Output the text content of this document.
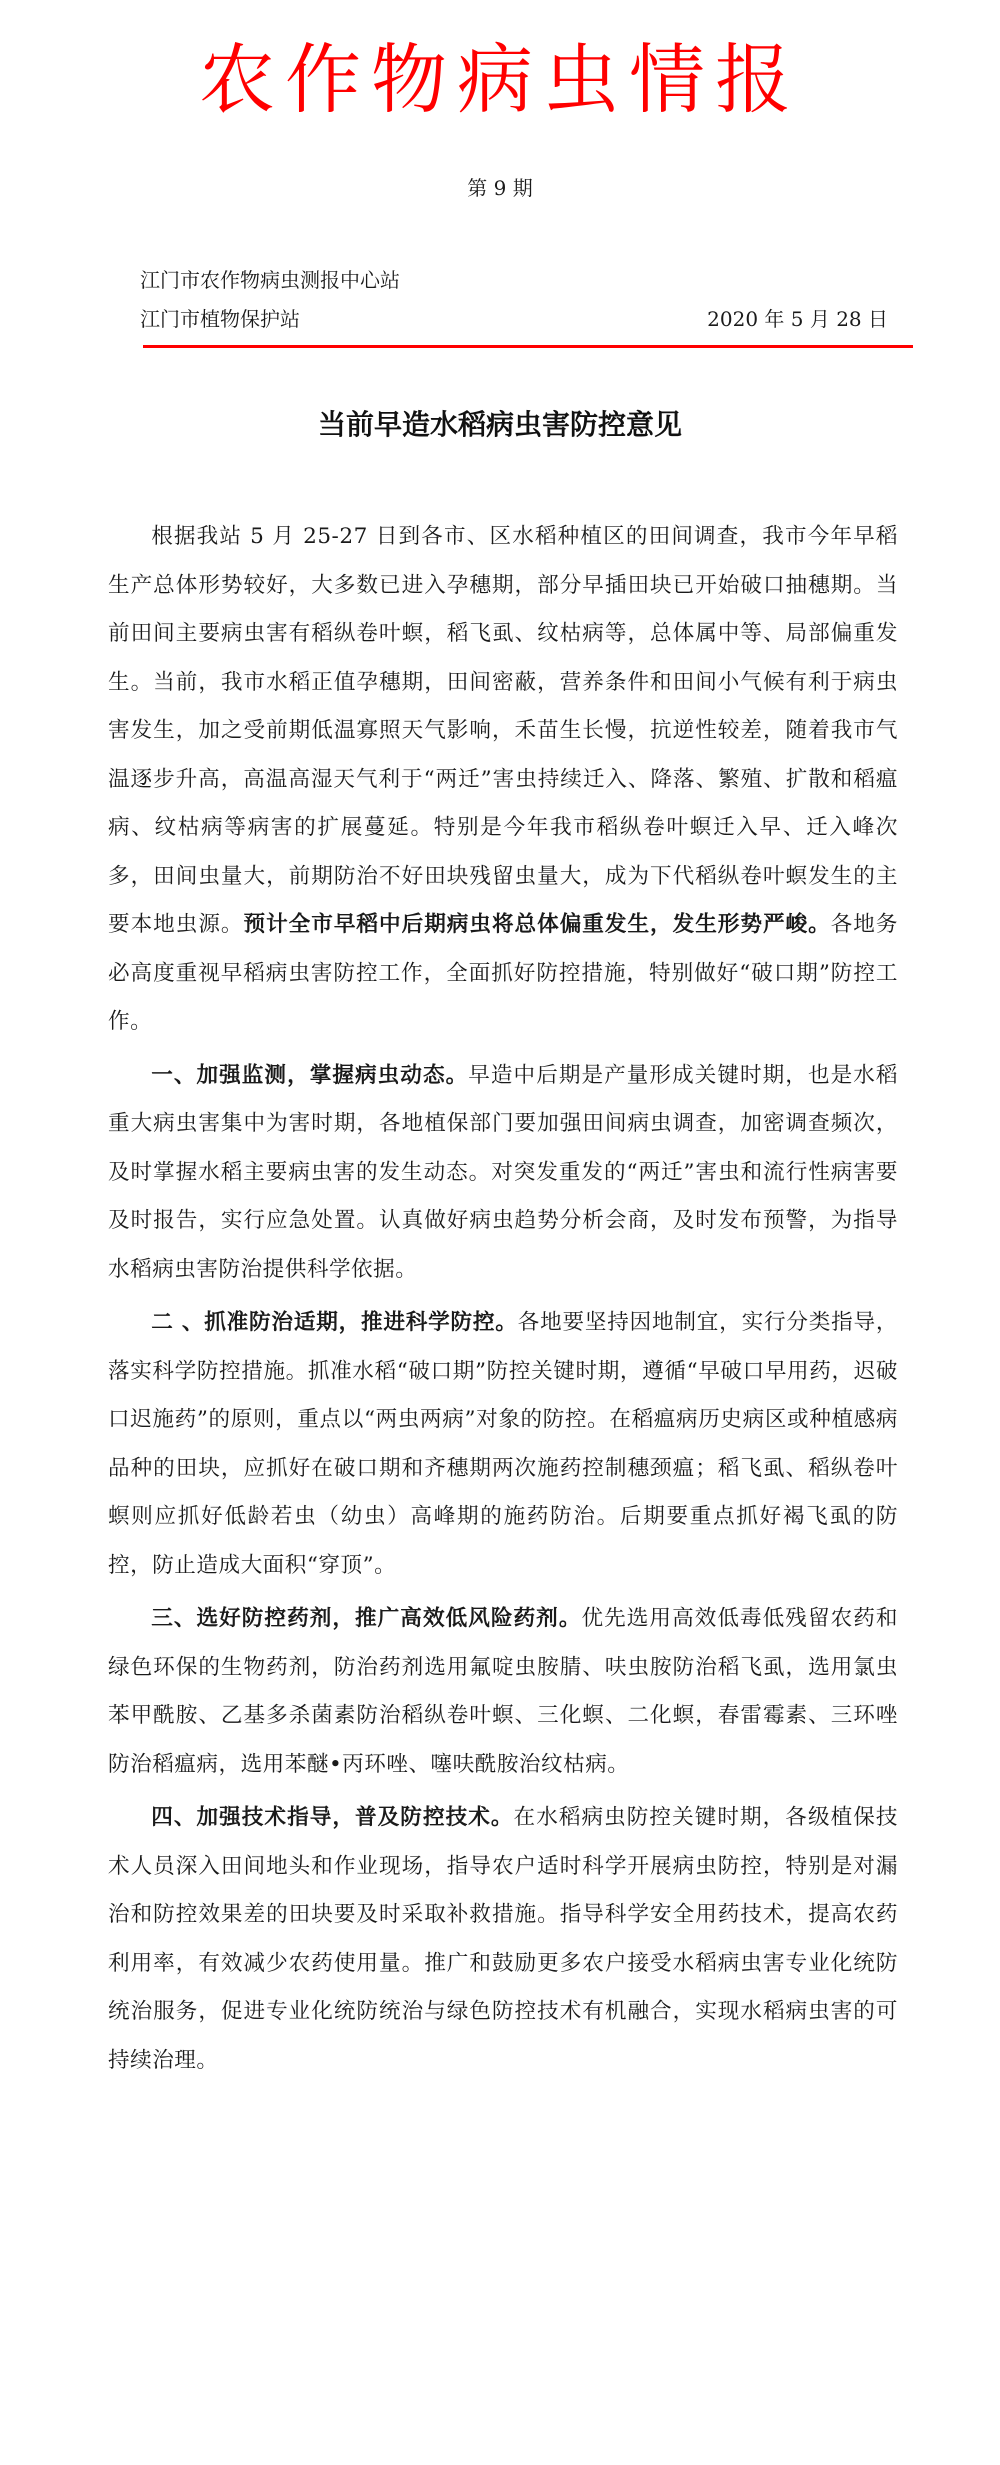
农作物病虫情报
第 9 期
江门市农作物病虫测报中心站
江门市植物保护站	2020 年 5 月 28 日
当前早造水稻病虫害防控意见

根据我站 5 月 25-27 日到各市、区水稻种植区的田间调查，我市今年早稻生产总体形势较好，大多数已进入孕穗期，部分早插田块已开始破口抽穗期。当前田间主要病虫害有稻纵卷叶螟，稻飞虱、纹枯病等，总体属中等、局部偏重发生。当前，我市水稻正值孕穗期，田间密蔽，营养条件和田间小气候有利于病虫害发生，加之受前期低温寡照天气影响，禾苗生长慢，抗逆性较差，随着我市气温逐步升高，高温高湿天气利于“两迁”害虫持续迁入、降落、繁殖、扩散和稻瘟病、纹枯病等病害的扩展蔓延。特别是今年我市稻纵卷叶螟迁入早、迁入峰次多，田间虫量大，前期防治不好田块残留虫量大，成为下代稻纵卷叶螟发生的主要本地虫源。预计全市早稻中后期病虫将总体偏重发生，发生形势严峻。各地务必高度重视早稻病虫害防控工作，全面抓好防控措施，特别做好“破口期”防控工作。

一、加强监测，掌握病虫动态。早造中后期是产量形成关键时期，也是水稻重大病虫害集中为害时期，各地植保部门要加强田间病虫调查，加密调查频次，及时掌握水稻主要病虫害的发生动态。对突发重发的“两迁”害虫和流行性病害要及时报告，实行应急处置。认真做好病虫趋势分析会商，及时发布预警，为指导水稻病虫害防治提供科学依据。

二 、抓准防治适期，推进科学防控。各地要坚持因地制宜，实行分类指导，落实科学防控措施。抓准水稻“破口期”防控关键时期，遵循“早破口早用药，迟破口迟施药”的原则，重点以“两虫两病”对象的防控。在稻瘟病历史病区或种植感病品种的田块，应抓好在破口期和齐穗期两次施药控制穗颈瘟；稻飞虱、稻纵卷叶螟则应抓好低龄若虫（幼虫）高峰期的施药防治。后期要重点抓好褐飞虱的防控，防止造成大面积“穿顶”。

三、选好防控药剂，推广高效低风险药剂。优先选用高效低毒低残留农药和绿色环保的生物药剂，防治药剂选用氟啶虫胺腈、呋虫胺防治稻飞虱，选用氯虫苯甲酰胺、乙基多杀菌素防治稻纵卷叶螟、三化螟、二化螟，春雷霉素、三环唑防治稻瘟病，选用苯醚•丙环唑、噻呋酰胺治纹枯病。

四、加强技术指导，普及防控技术。在水稻病虫防控关键时期，各级植保技术人员深入田间地头和作业现场，指导农户适时科学开展病虫防控，特别是对漏治和防控效果差的田块要及时采取补救措施。指导科学安全用药技术，提高农药利用率，有效减少农药使用量。推广和鼓励更多农户接受水稻病虫害专业化统防统治服务，促进专业化统防统治与绿色防控技术有机融合，实现水稻病虫害的可持续治理。
